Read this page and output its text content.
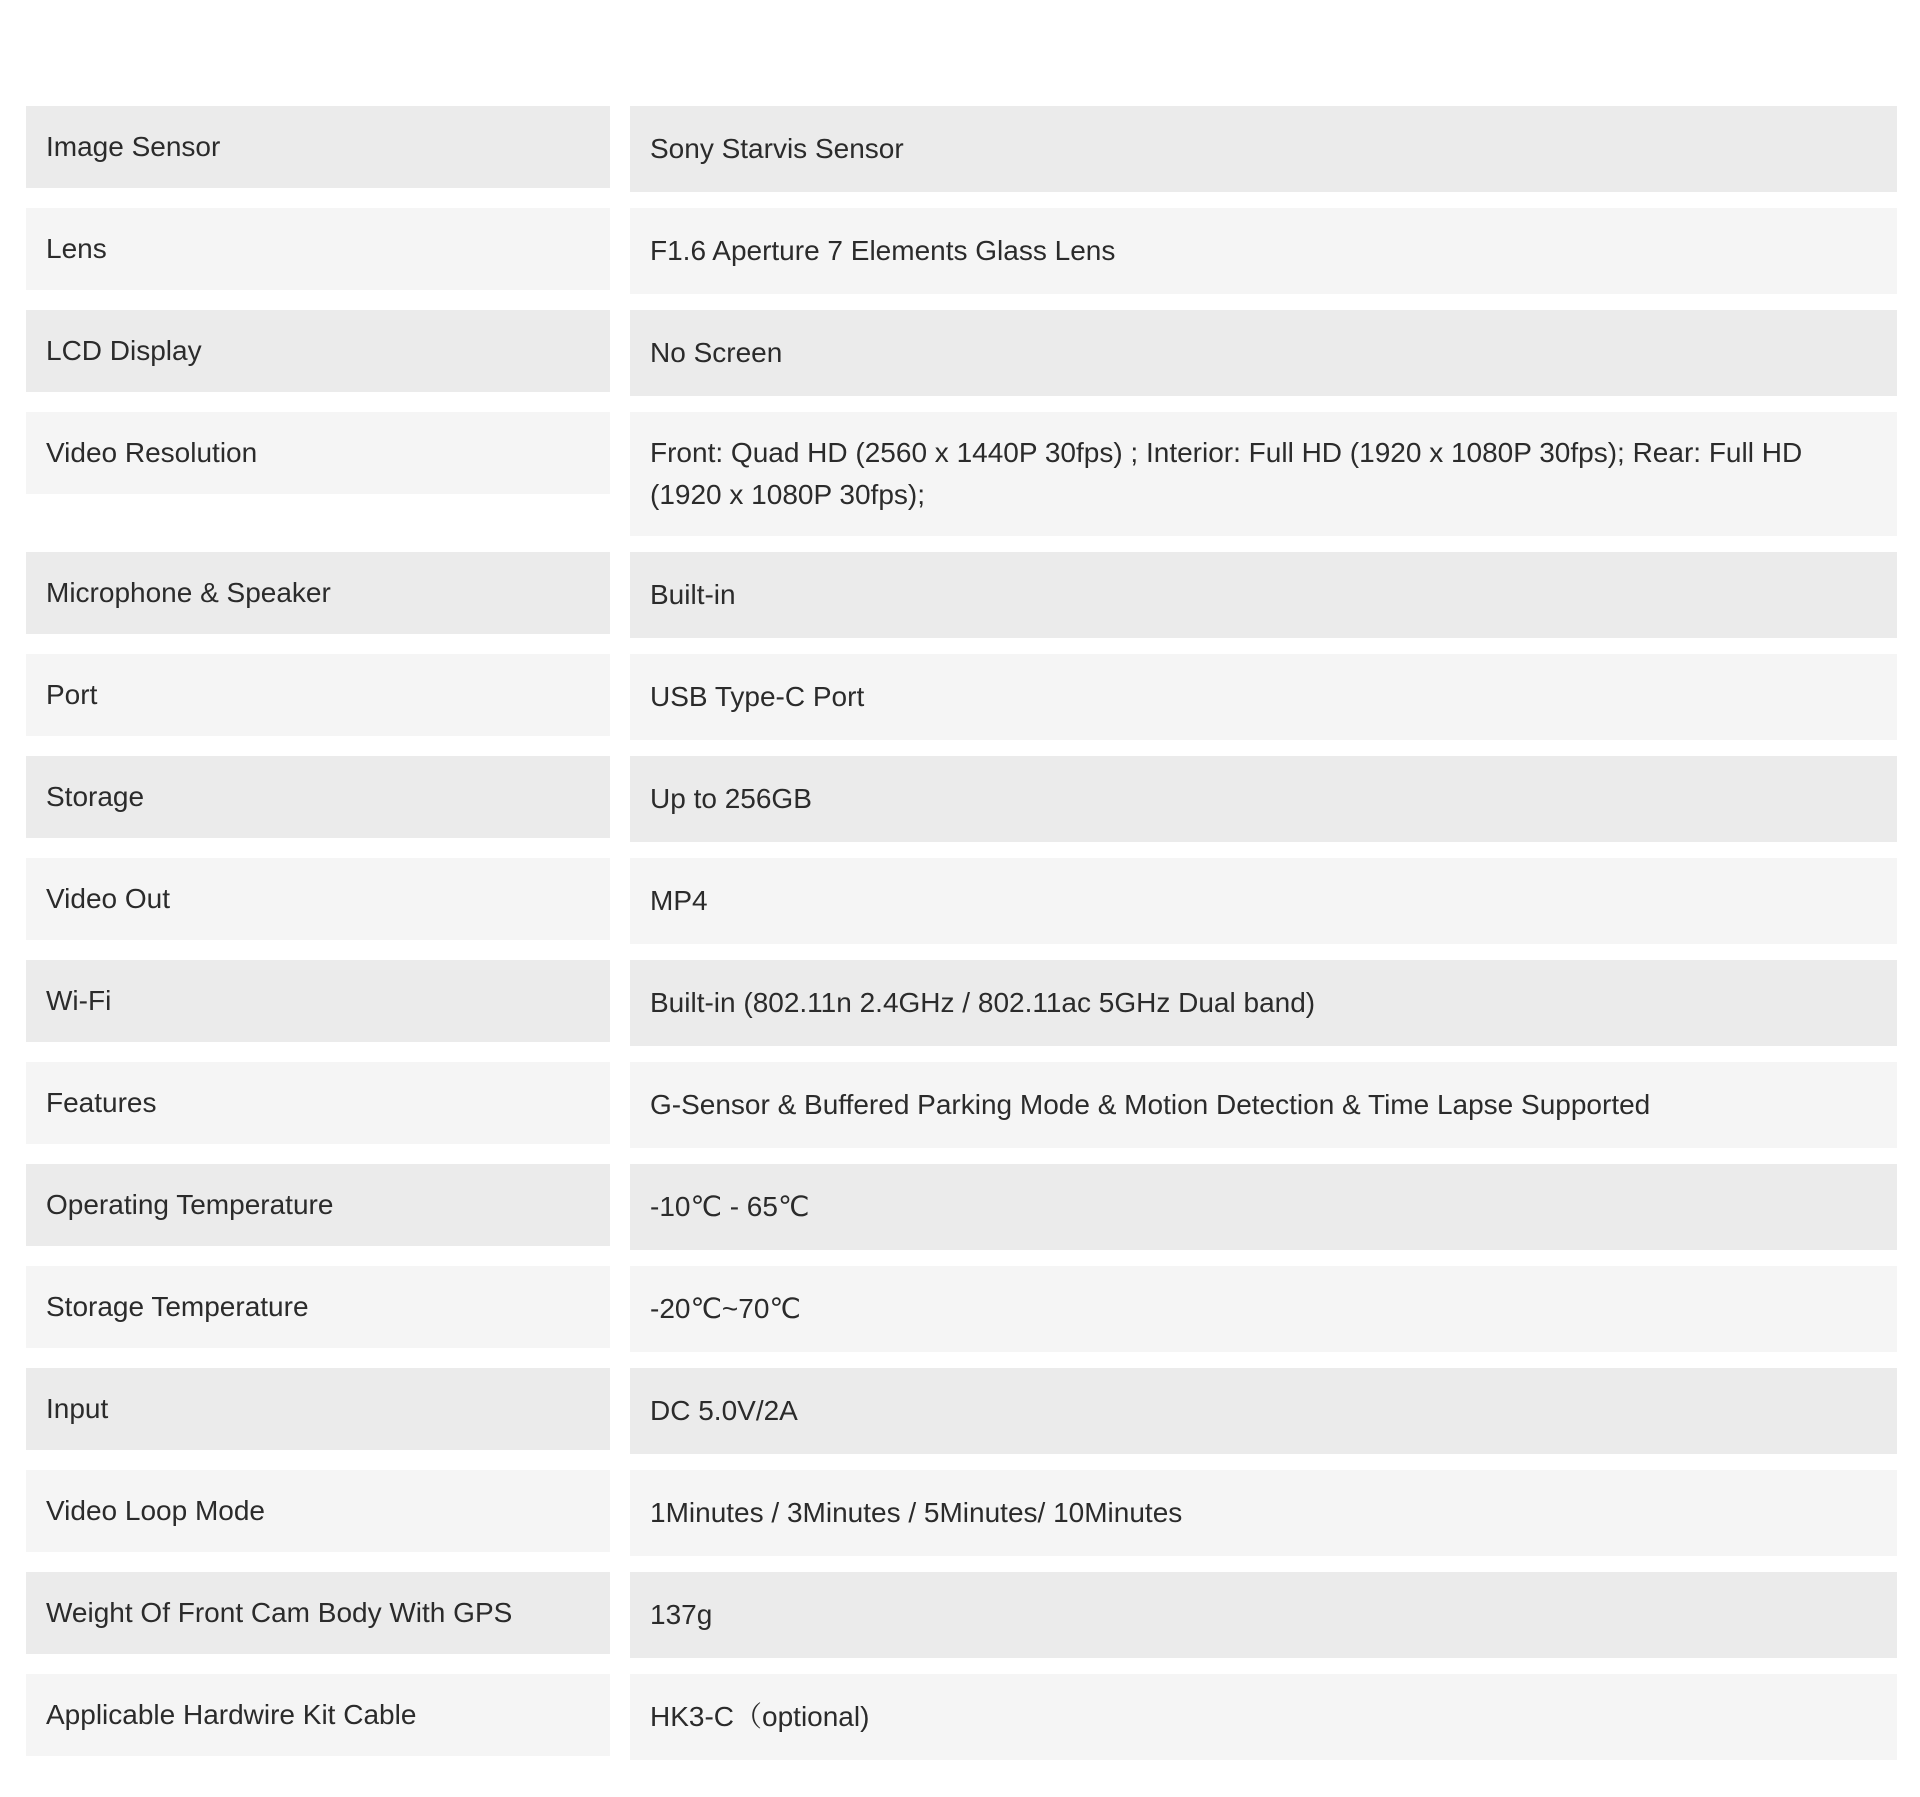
Image Sensor	Sony Starvis Sensor
Lens	F1.6 Aperture 7 Elements Glass Lens
LCD Display	No Screen
Video Resolution	Front: Quad HD (2560 x 1440P 30fps) ; Interior: Full HD (1920 x 1080P 30fps); Rear: Full HD (1920 x 1080P 30fps);
Microphone & Speaker	Built-in
Port	USB Type-C Port
Storage	Up to 256GB
Video Out	MP4
Wi-Fi	Built-in (802.11n 2.4GHz / 802.11ac 5GHz Dual band)
Features	G-Sensor & Buffered Parking Mode & Motion Detection & Time Lapse Supported
Operating Temperature	-10℃ - 65℃
Storage Temperature	-20℃~70℃
Input	DC 5.0V/2A
Video Loop Mode	1Minutes / 3Minutes / 5Minutes/ 10Minutes
Weight Of Front Cam Body With GPS	137g
Applicable Hardwire Kit Cable	HK3-C（optional)
